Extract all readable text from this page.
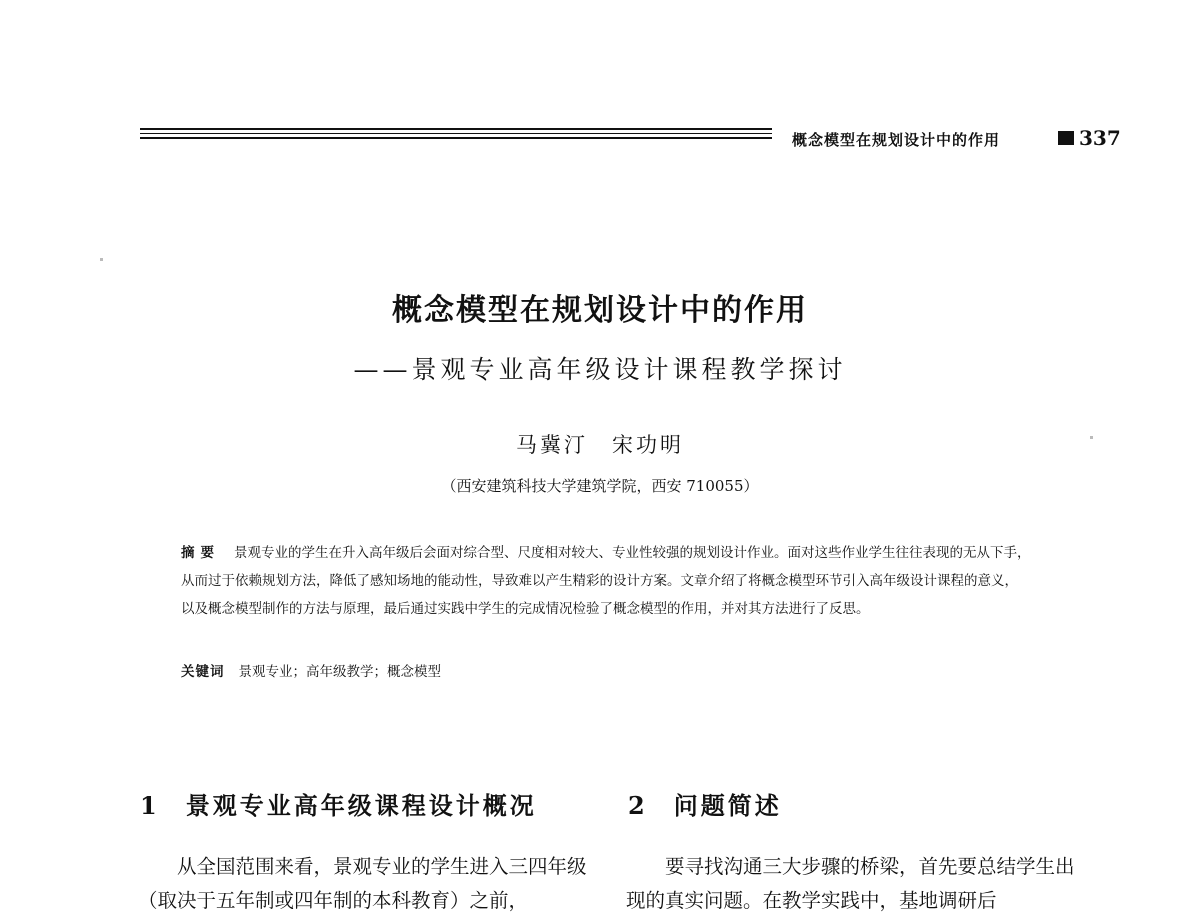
概念模型在规划设计中的作用	337
概念模型在规划设计中的作用
——景观专业高年级设计课程教学探讨
马冀汀　宋功明
（西安建筑科技大学建筑学院，西安 710055）
摘要 景观专业的学生在升入高年级后会面对综合型、尺度相对较大、专业性较强的规划设计作业。面对这些作业学生往往表现的无从下手，从而过于依赖规划方法，降低了感知场地的能动性，导致难以产生精彩的设计方案。文章介绍了将概念模型环节引入高年级设计课程的意义，以及概念模型制作的方法与原理，最后通过实践中学生的完成情况检验了概念模型的作用，并对其方法进行了反思。
关键词 景观专业；高年级教学；概念模型
1 景观专业高年级课程设计概况	2 问题简述

从全国范围来看，景观专业的学生进入三四年级（取决于五年制或四年制的本科教育）之前，

要寻找沟通三大步骤的桥梁，首先要总结学生出现的真实问题。在教学实践中，基地调研后
